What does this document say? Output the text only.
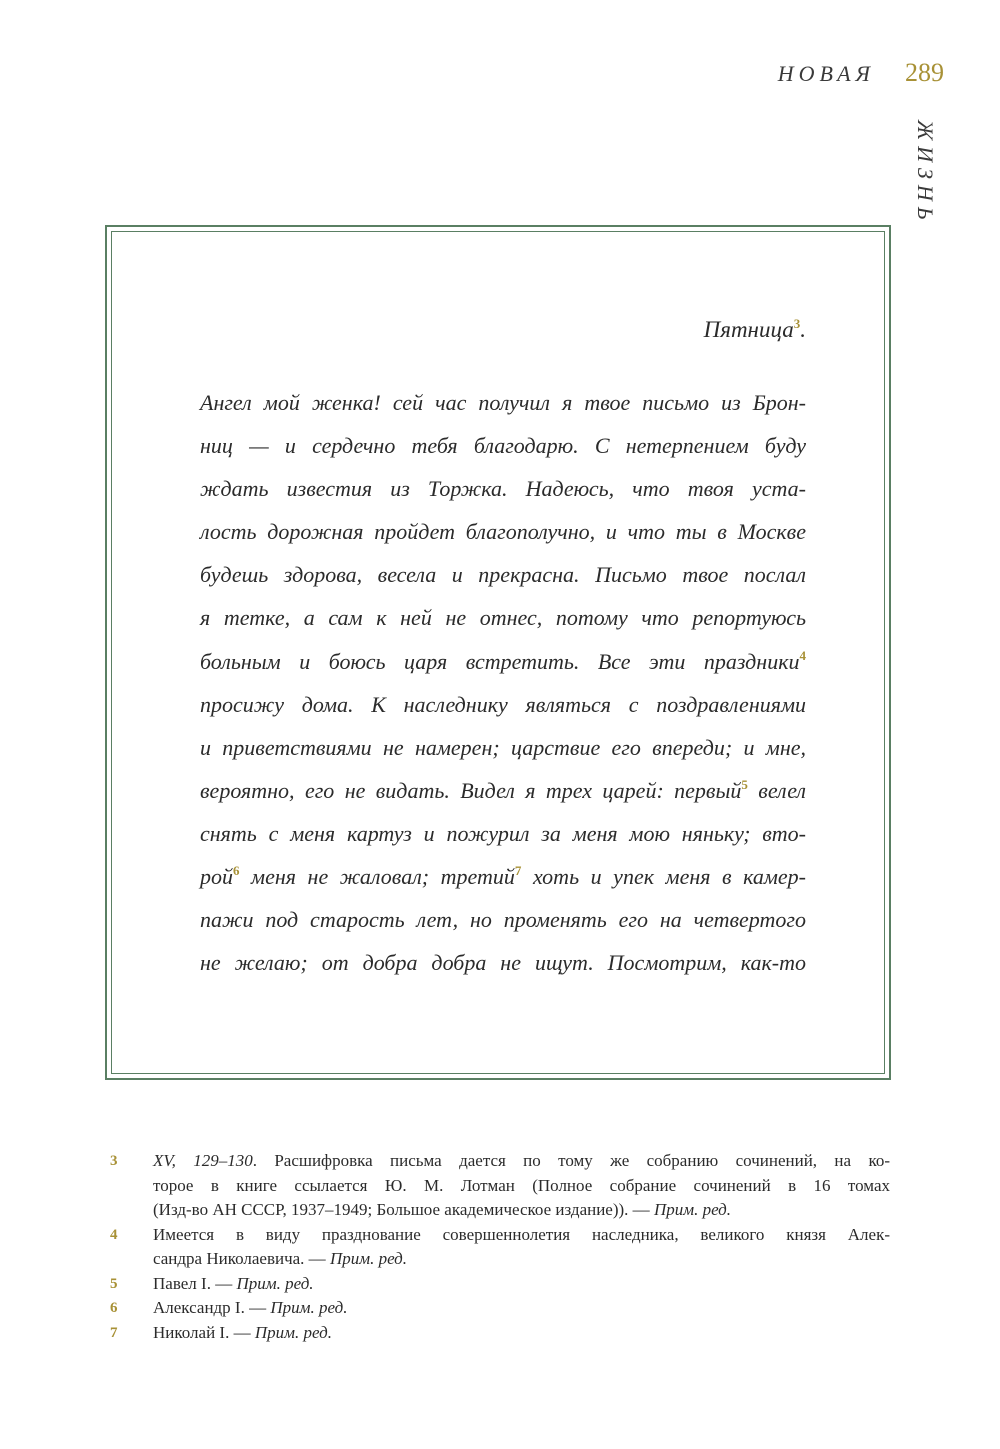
НОВАЯ 289
ЖИЗНЬ
Пятница$^3$.
Ангел мой женка! сей час получил я твое письмо из Брон-
ниц — и сердечно тебя благодарю. С нетерпением буду
ждать известия из Торжка. Надеюсь, что твоя уста-
лость дорожная пройдет благополучно, и что ты в Москве
будешь здорова, весела и прекрасна. Письмо твое послал
я тетке, а сам к ней не отнес, потому что репортуюсь
больным и боюсь царя встретить. Все эти праздники$^4$
просижу дома. К наследнику являться с поздравлениями
и приветствиями не намерен; царствие его впереди; и мне,
вероятно, его не видать. Видел я трех царей: первый$^5$ велел
снять с меня картуз и пожурил за меня мою няньку; вто-
рой$^6$ меня не жаловал; третий$^7$ хоть и упек меня в камер-
пажи под старость лет, но променять его на четвертого
не желаю; от добра добра не ищут. Посмотрим, как-то
3	XV, 129–130. Расшифровка письма дается по тому же собранию сочинений, на ко-
торое в книге ссылается Ю. М. Лотман (Полное собрание сочинений в 16 томах
(Изд-во АН СССР, 1937–1949; Большое академическое издание)). — Прим. ред.
4	Имеется в виду празднование совершеннолетия наследника, великого князя Алек-
сандра Николаевича. — Прим. ред.
5	Павел I. — Прим. ред.
6	Александр I. — Прим. ред.
7	Николай I. — Прим. ред.
